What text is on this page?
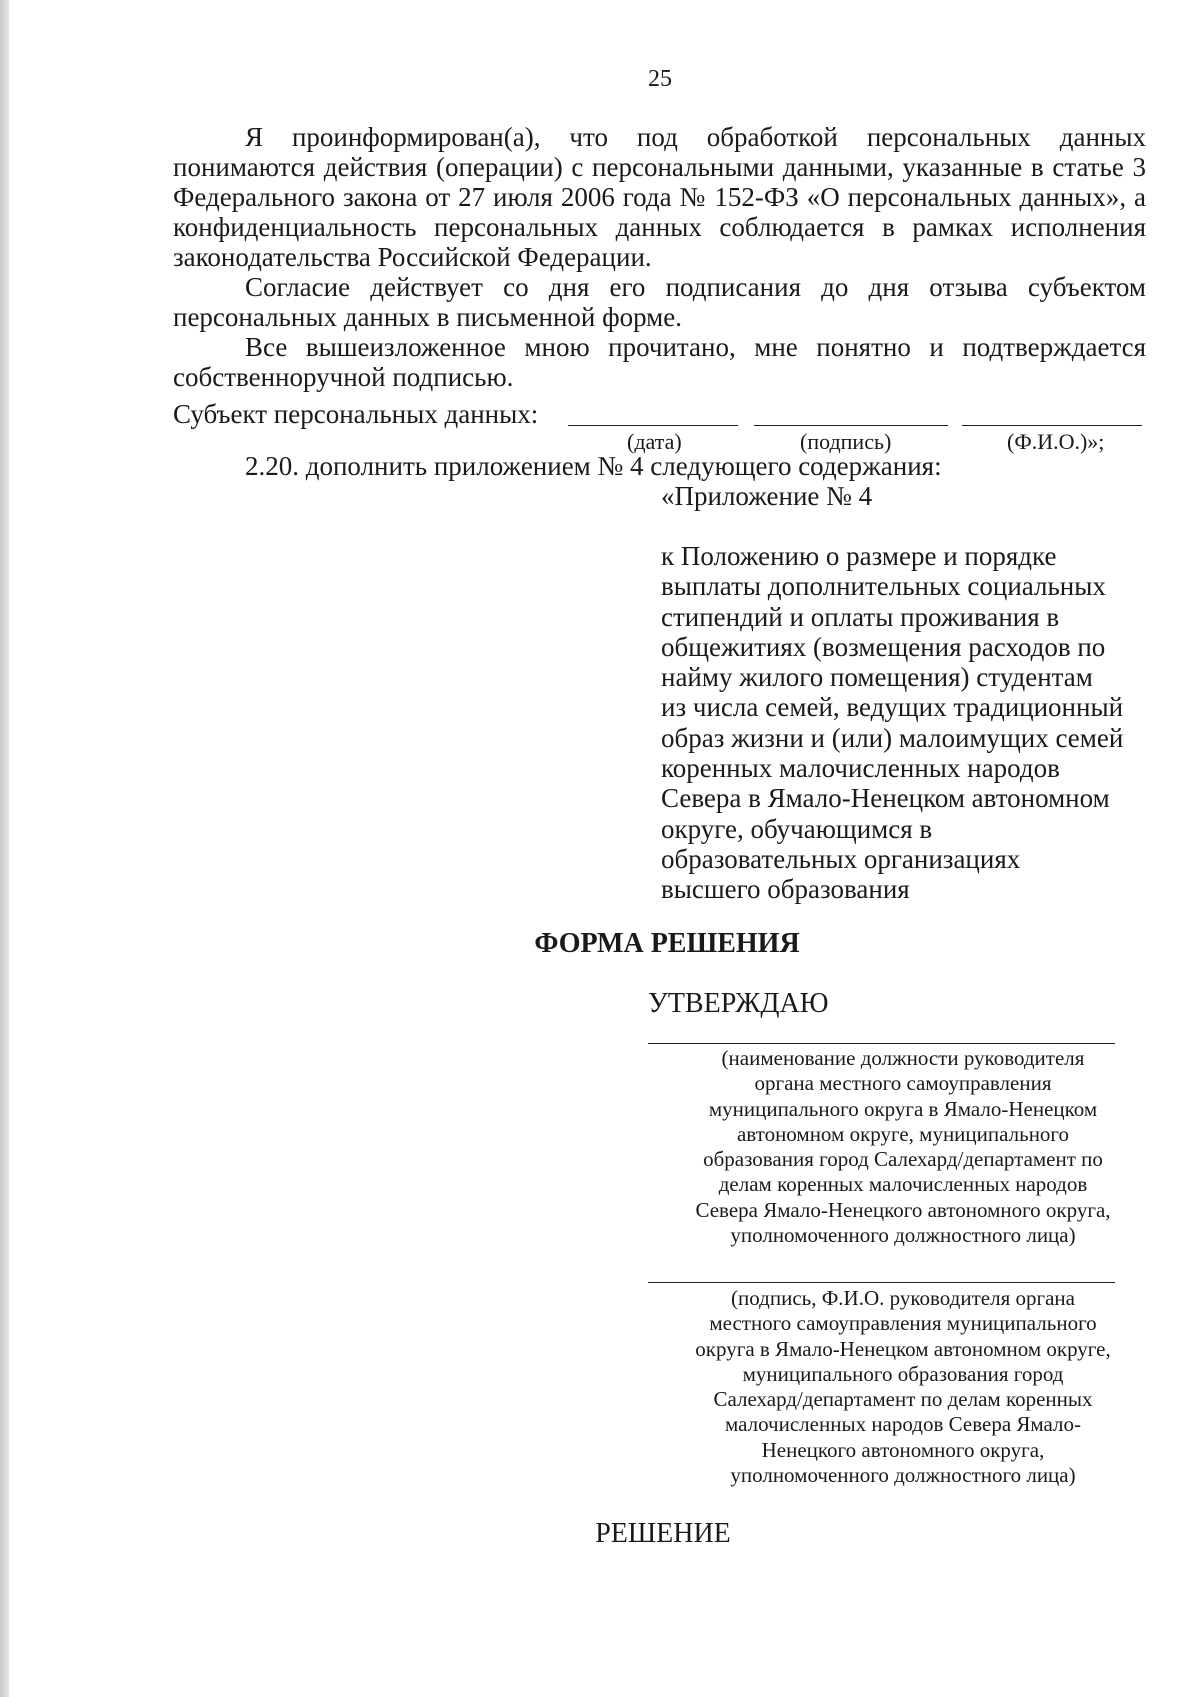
25

Я проинформирован(а), что под обработкой персональных данных понимаются действия (операции) с персональными данными, указанные в статье 3 Федерального закона от 27 июля 2006 года № 152-ФЗ «О персональных данных», а конфиденциальность персональных данных соблюдается в рамках исполнения законодательства Российской Федерации.

Согласие действует со дня его подписания до дня отзыва субъектом персональных данных в письменной форме.

Все вышеизложенное мною прочитано, мне понятно и подтверждается собственноручной подписью.

Субъект персональных данных:
(дата)	(подпись)	(Ф.И.О.)»;
2.20. дополнить приложением № 4 следующего содержания:
«Приложение № 4
к Положению о размере и порядке
выплаты дополнительных социальных
стипендий и оплаты проживания в
общежитиях (возмещения расходов по
найму жилого помещения) студентам
из числа семей, ведущих традиционный
образ жизни и (или) малоимущих семей
коренных малочисленных народов
Севера в Ямало-Ненецком автономном
округе, обучающимся в
образовательных организациях
высшего образования
ФОРМА РЕШЕНИЯ
УТВЕРЖДАЮ
(наименование должности руководителя
органа местного самоуправления
муниципального округа в Ямало-Ненецком
автономном округе, муниципального
образования город Салехард/департамент по
делам коренных малочисленных народов
Севера Ямало-Ненецкого автономного округа,
уполномоченного должностного лица)
(подпись, Ф.И.О. руководителя органа
местного самоуправления муниципального
округа в Ямало-Ненецком автономном округе,
муниципального образования город
Салехард/департамент по делам коренных
малочисленных народов Севера Ямало-
Ненецкого автономного округа,
уполномоченного должностного лица)
РЕШЕНИЕ
